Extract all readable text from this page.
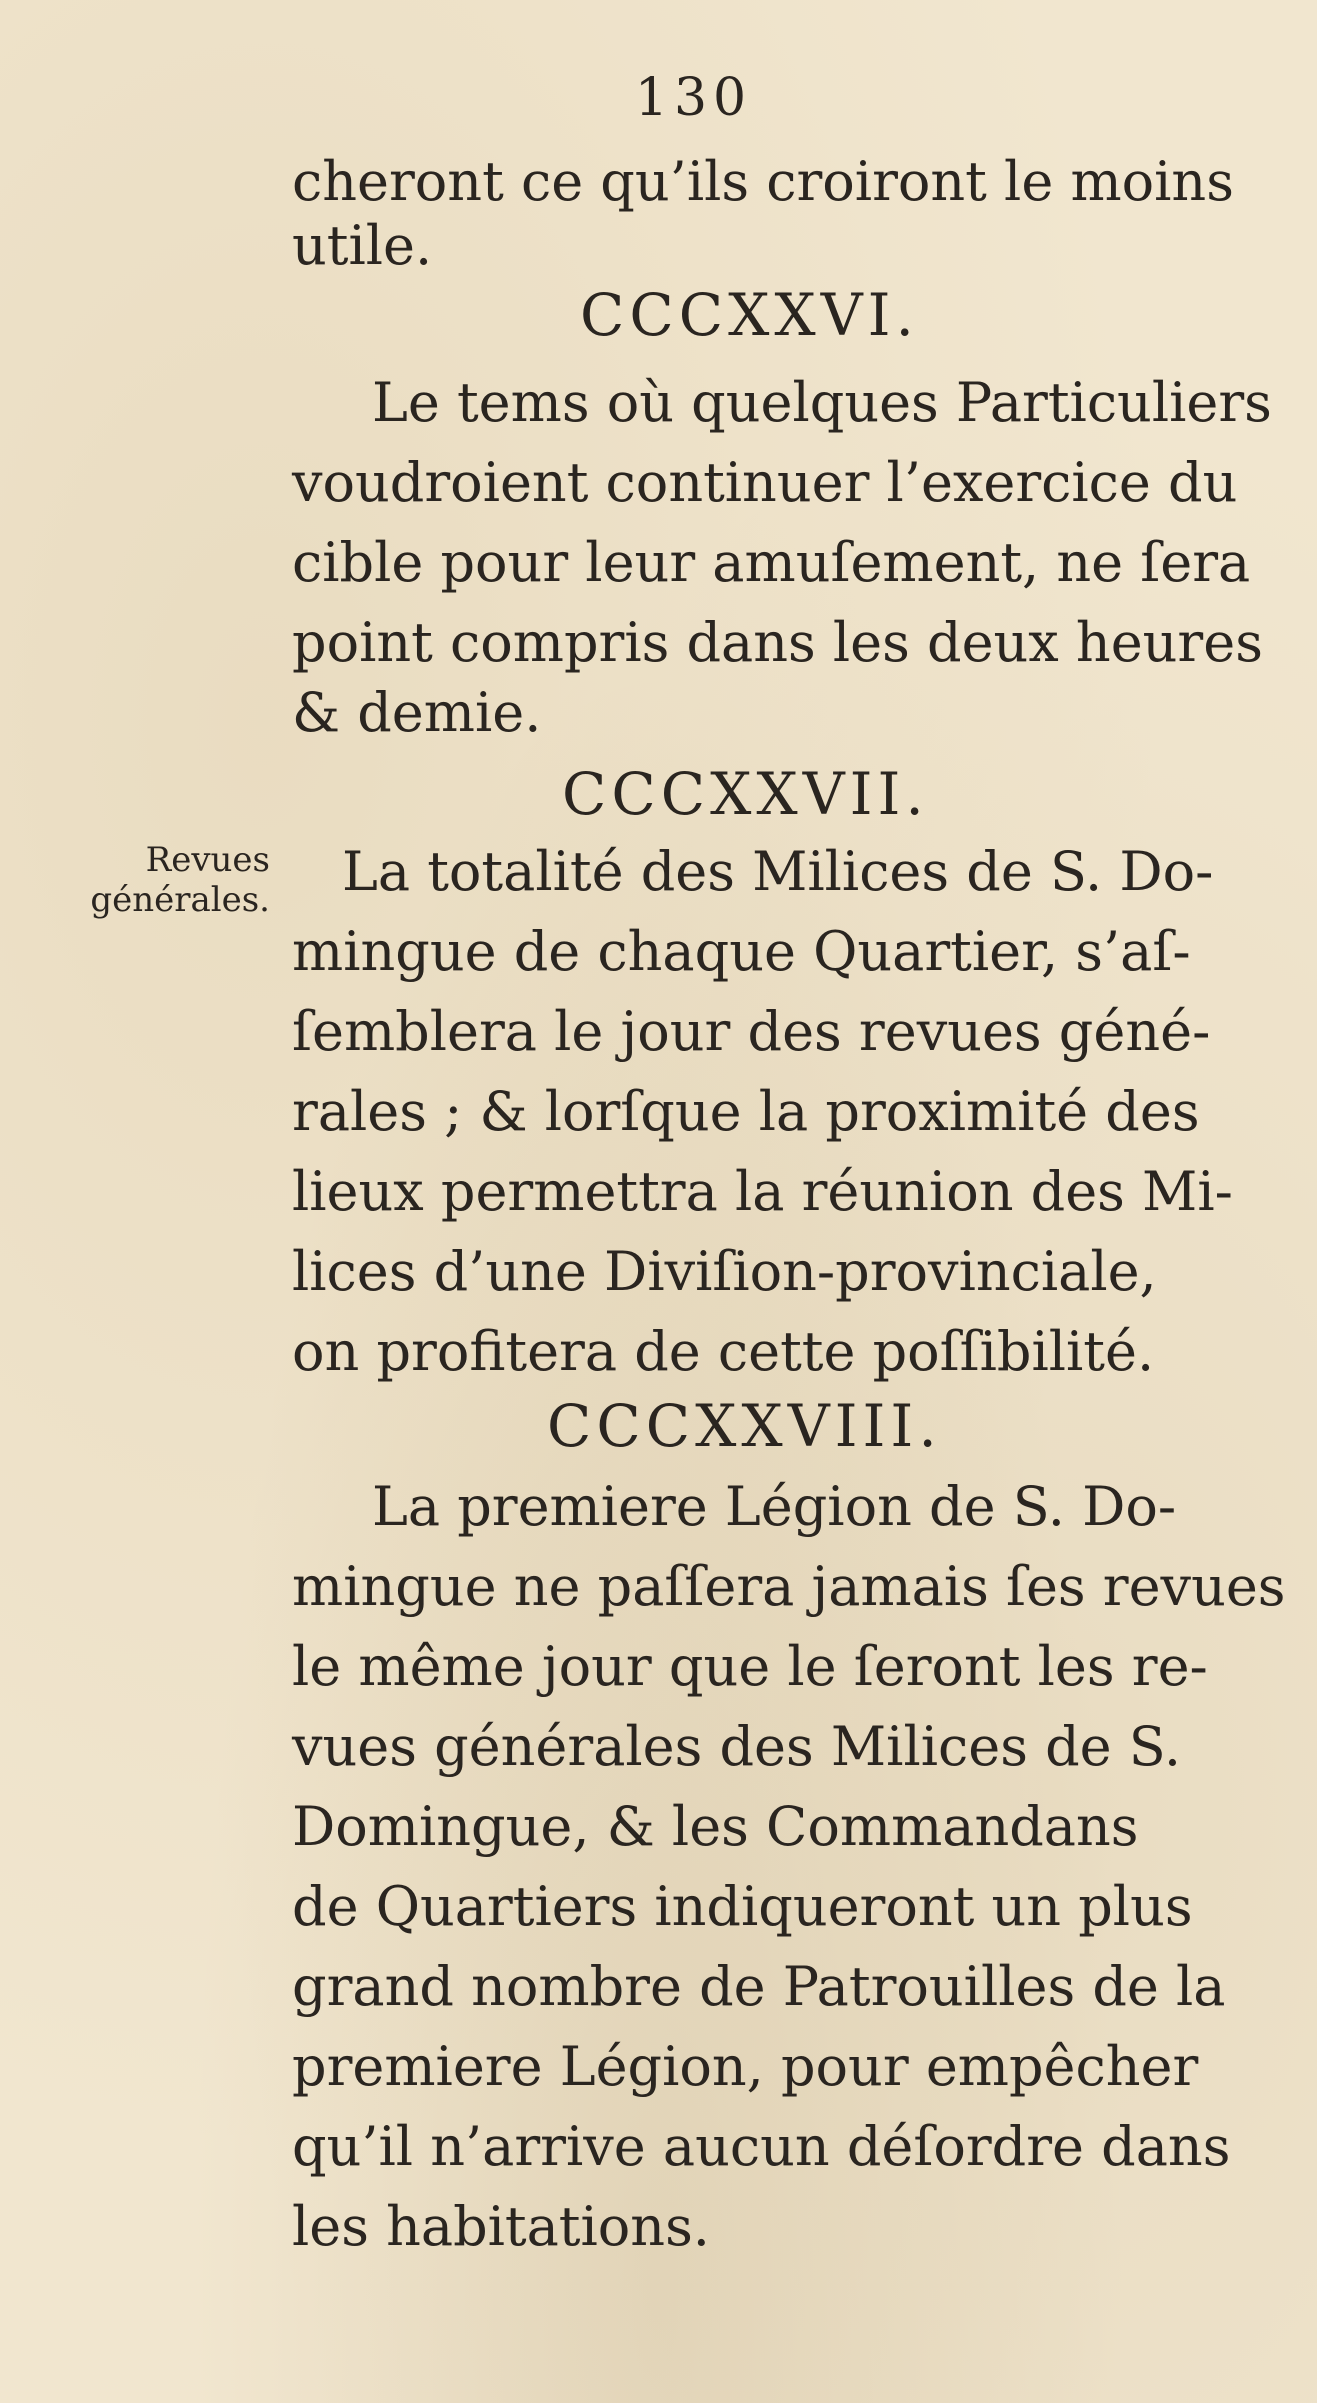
130
Revues
générales.
cheront ce qu’ils croiront le moins
utile.
CCCXXVI.
Le tems où quelques Particuliers
voudroient continuer l’exercice du
cible pour leur amuſement, ne ſera
point compris dans les deux heures
& demie.
CCCXXVII.
La totalité des Milices de S. Do-
mingue de chaque Quartier, s’aſ-
ſemblera le jour des revues géné-
rales ; & lorſque la proximité des
lieux permettra la réunion des Mi-
lices d’une Diviſion-provinciale,
on profitera de cette poſſibilité.
CCCXXVIII.
La premiere Légion de S. Do-
mingue ne paſſera jamais ſes revues
le même jour que le ſeront les re-
vues générales des Milices de S.
Domingue, & les Commandans
de Quartiers indiqueront un plus
grand nombre de Patrouilles de la
premiere Légion, pour empêcher
qu’il n’arrive aucun déſordre dans
les habitations.
